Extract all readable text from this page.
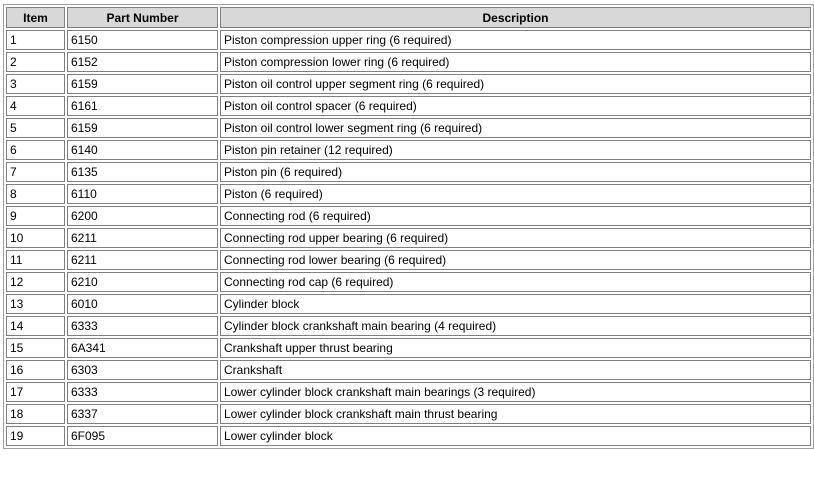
Item	Part Number	Description
1	6150	Piston compression upper ring (6 required)
2	6152	Piston compression lower ring (6 required)
3	6159	Piston oil control upper segment ring (6 required)
4	6161	Piston oil control spacer (6 required)
5	6159	Piston oil control lower segment ring (6 required)
6	6140	Piston pin retainer (12 required)
7	6135	Piston pin (6 required)
8	6110	Piston (6 required)
9	6200	Connecting rod (6 required)
10	6211	Connecting rod upper bearing (6 required)
11	6211	Connecting rod lower bearing (6 required)
12	6210	Connecting rod cap (6 required)
13	6010	Cylinder block
14	6333	Cylinder block crankshaft main bearing (4 required)
15	6A341	Crankshaft upper thrust bearing
16	6303	Crankshaft
17	6333	Lower cylinder block crankshaft main bearings (3 required)
18	6337	Lower cylinder block crankshaft main thrust bearing
19	6F095	Lower cylinder block
